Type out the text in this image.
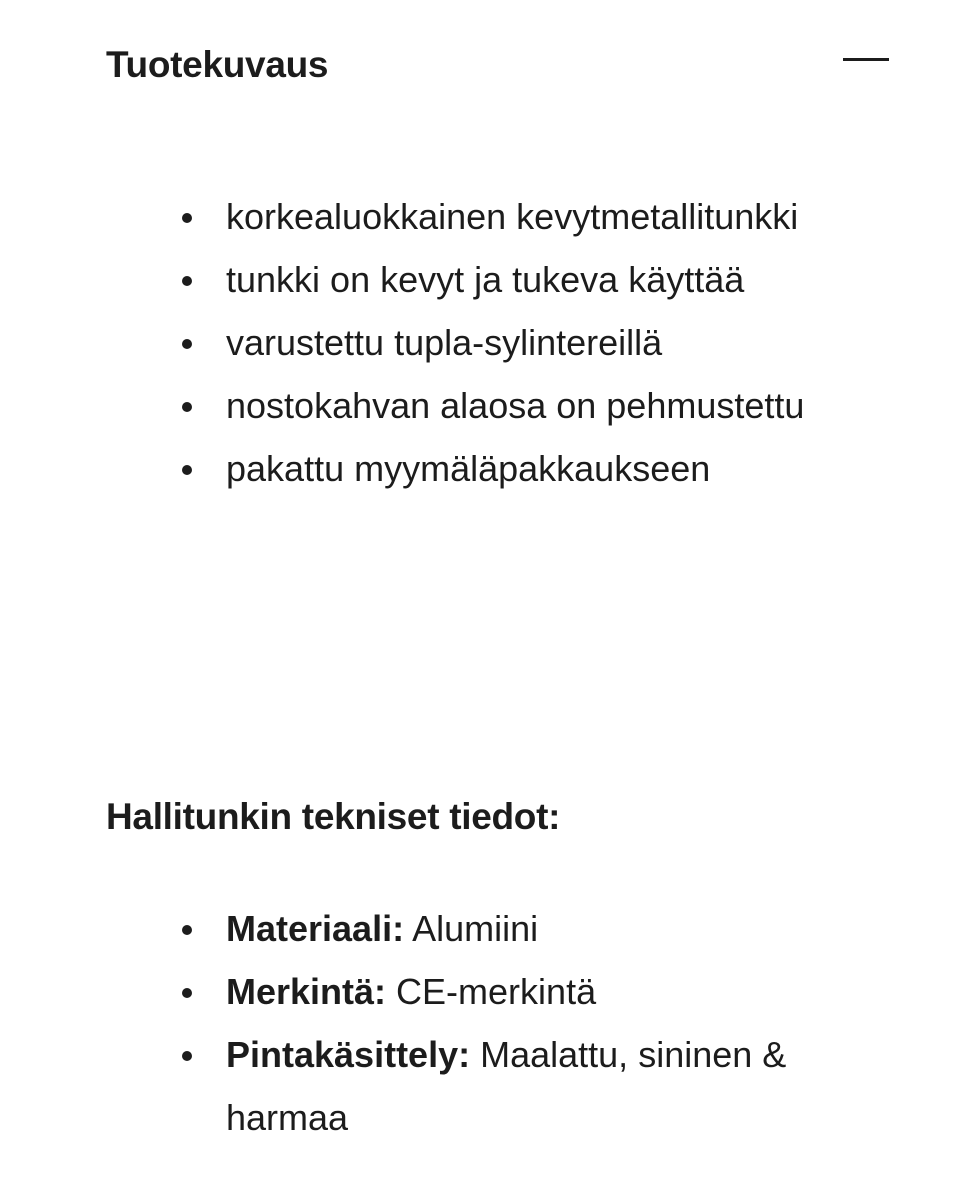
Tuotekuvaus
korkealuokkainen kevytmetallitunkki
tunkki on kevyt ja tukeva käyttää
varustettu tupla-sylintereillä
nostokahvan alaosa on pehmustettu
pakattu myymäläpakkaukseen
Hallitunkin tekniset tiedot:
Materiaali: Alumiini
Merkintä: CE-merkintä
Pintakäsittely: Maalattu, sininen & harmaa
